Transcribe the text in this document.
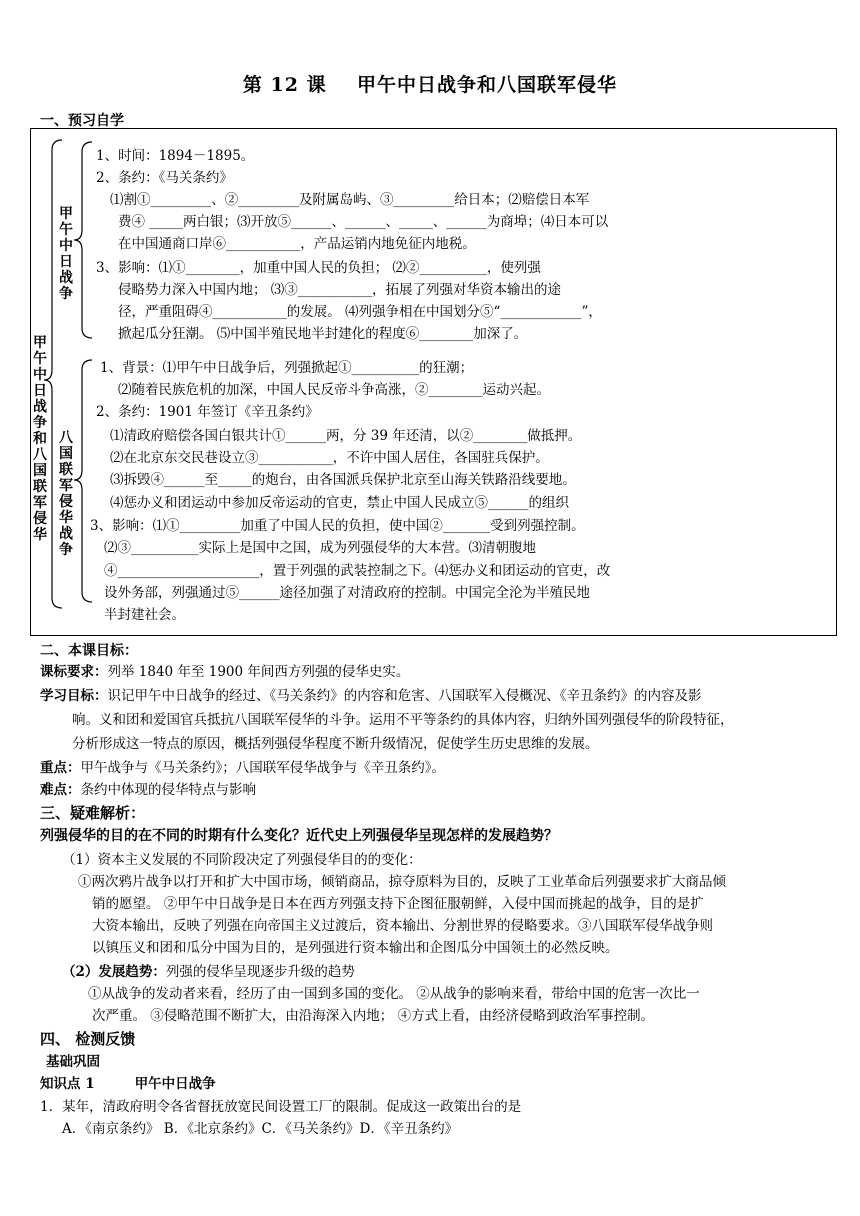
第 12 课    甲午中日战争和八国联军侵华
一、预习自学
甲午中日战争和八国联军侵华
甲午中日战争
八国联军侵华战争
1、时间：1894－1895。
2、条约：《马关条约》
⑴割①_________、②_________及附属岛屿、③_________给日本；⑵赔偿日本军
费④ _____两白银；⑶开放⑤______、______、_____、______为商埠；⑷日本可以
在中国通商口岸⑥___________，产品运销内地免征内地税。
3、影响：⑴①________，加重中国人民的负担； ⑵②__________，使列强
侵略势力深入中国内地； ⑶③___________，拓展了列强对华资本输出的途
径，严重阻碍④___________的发展。 ⑷列强争相在中国划分⑤“____________”，
掀起瓜分狂潮。 ⑸中国半殖民地半封建化的程度⑥________加深了。
1、背景：⑴甲午中日战争后，列强掀起①__________的狂潮；
⑵随着民族危机的加深，中国人民反帝斗争高涨，②________运动兴起。
2、条约：1901 年签订《辛丑条约》
⑴清政府赔偿各国白银共计①______两，分 39 年还清，以②________做抵押。
⑵在北京东交民巷设立③___________，不许中国人居住，各国驻兵保护。
⑶拆毁④______至_____的炮台，由各国派兵保护北京至山海关铁路沿线要地。
⑷惩办义和团运动中参加反帝运动的官吏，禁止中国人民成立⑤______的组织
3、影响：⑴①_________加重了中国人民的负担，使中国②_______受到列强控制。
⑵③__________实际上是国中之国，成为列强侵华的大本营。⑶清朝腹地
④_____________________，置于列强的武装控制之下。⑷惩办义和团运动的官吏，改
设外务部，列强通过⑤______途径加强了对清政府的控制。中国完全沦为半殖民地
半封建社会。
二、本课目标：
课标要求：列举 1840 年至 1900 年间西方列强的侵华史实。
学习目标：识记甲午中日战争的经过、《马关条约》的内容和危害、八国联军入侵概况、《辛丑条约》的内容及影
响。义和团和爱国官兵抵抗八国联军侵华的斗争。运用不平等条约的具体内容，归纳外国列强侵华的阶段特征，
分析形成这一特点的原因，概括列强侵华程度不断升级情况，促使学生历史思维的发展。
重点：甲午战争与《马关条约》；八国联军侵华战争与《辛丑条约》。
难点：条约中体现的侵华特点与影响
三、疑难解析：
列强侵华的目的在不同的时期有什么变化？近代史上列强侵华呈现怎样的发展趋势？
（1）资本主义发展的不同阶段决定了列强侵华目的的变化：
①两次鸦片战争以打开和扩大中国市场，倾销商品，掠夺原料为目的，反映了工业革命后列强要求扩大商品倾
销的愿望。 ②甲午中日战争是日本在西方列强支持下企图征服朝鲜，入侵中国而挑起的战争，目的是扩
大资本输出，反映了列强在向帝国主义过渡后，资本输出、分割世界的侵略要求。③八国联军侵华战争则
以镇压义和团和瓜分中国为目的，是列强进行资本输出和企图瓜分中国领土的必然反映。
（2）发展趋势：列强的侵华呈现逐步升级的趋势
①从战争的发动者来看，经历了由一国到多国的变化。 ②从战争的影响来看，带给中国的危害一次比一
次严重。 ③侵略范围不断扩大，由沿海深入内地； ④方式上看，由经济侵略到政治军事控制。
四、 检测反馈
基础巩固
知识点 1	甲午中日战争
1．某年，清政府明令各省督抚放宽民间设置工厂的限制。促成这一政策出台的是
A．《南京条约》 B．《北京条约》C．《马关条约》D．《辛丑条约》
